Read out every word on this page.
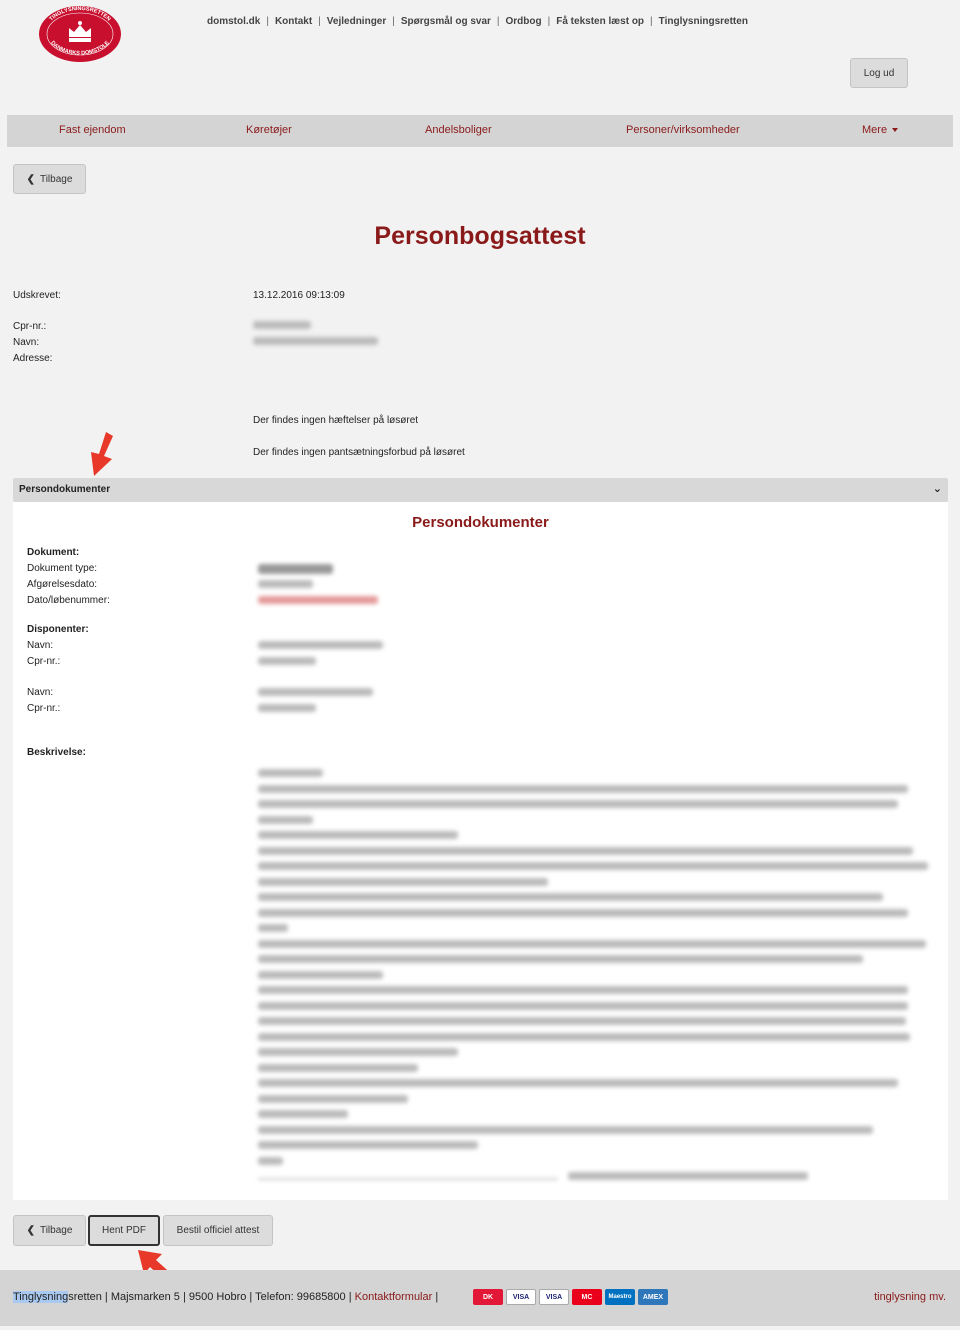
TINGLYSNINGSRETTEN
DANMARKS DOMSTOLE
domstol.dk | Kontakt | Vejledninger | Spørgsmål og svar | Ordbog | Få teksten læst op | Tinglysningsretten
Log ud
Fast ejendom	Køretøjer	Andelsboliger	Personer/virksomheder	Mere
❮ Tilbage
Personbogsattest
Udskrevet:	13.12.2016 09:13:09
Cpr-nr.:
Navn:
Adresse:
Der findes ingen hæftelser på løsøret
Der findes ingen pantsætningsforbud på løsøret
Persondokumenter	⌄
Persondokumenter
Dokument:
Dokument type:
Afgørelsesdato:
Dato/løbenummer:
Disponenter:
Navn:
Cpr-nr.:
Navn:
Cpr-nr.:
Beskrivelse:
❮ Tilbage	Hent PDF	Bestil officiel attest
Tinglysningsretten | Majsmarken 5 | 9500 Hobro | Telefon: 99685800 | Kontaktformular |	DK	VISA	VISA	MC	Maestro	AMEX	tinglysning mv.
